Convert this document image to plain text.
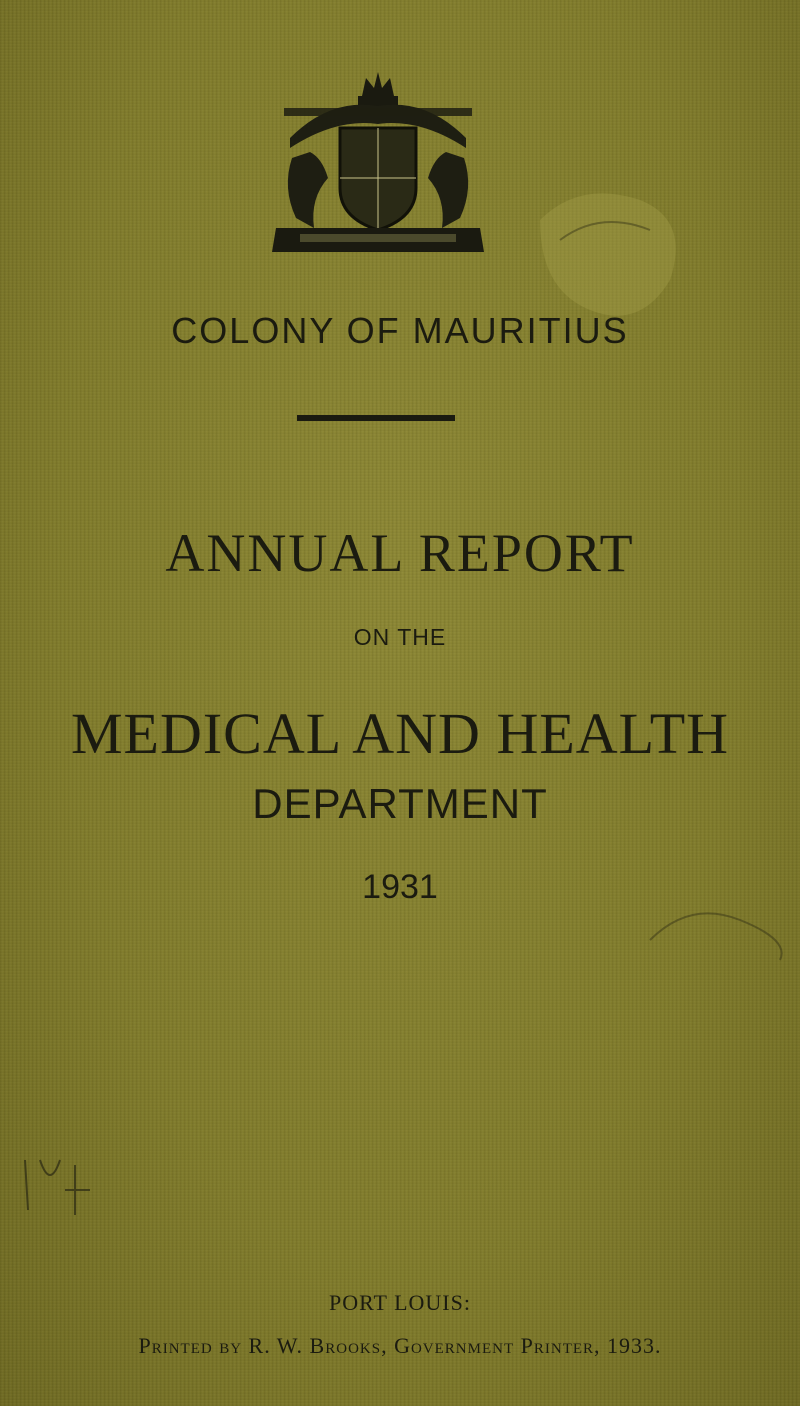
COLONY OF MAURITIUS

ANNUAL REPORT

ON THE

MEDICAL AND HEALTH

DEPARTMENT

1931

PORT LOUIS:

Printed by R. W. Brooks, Government Printer, 1933.
